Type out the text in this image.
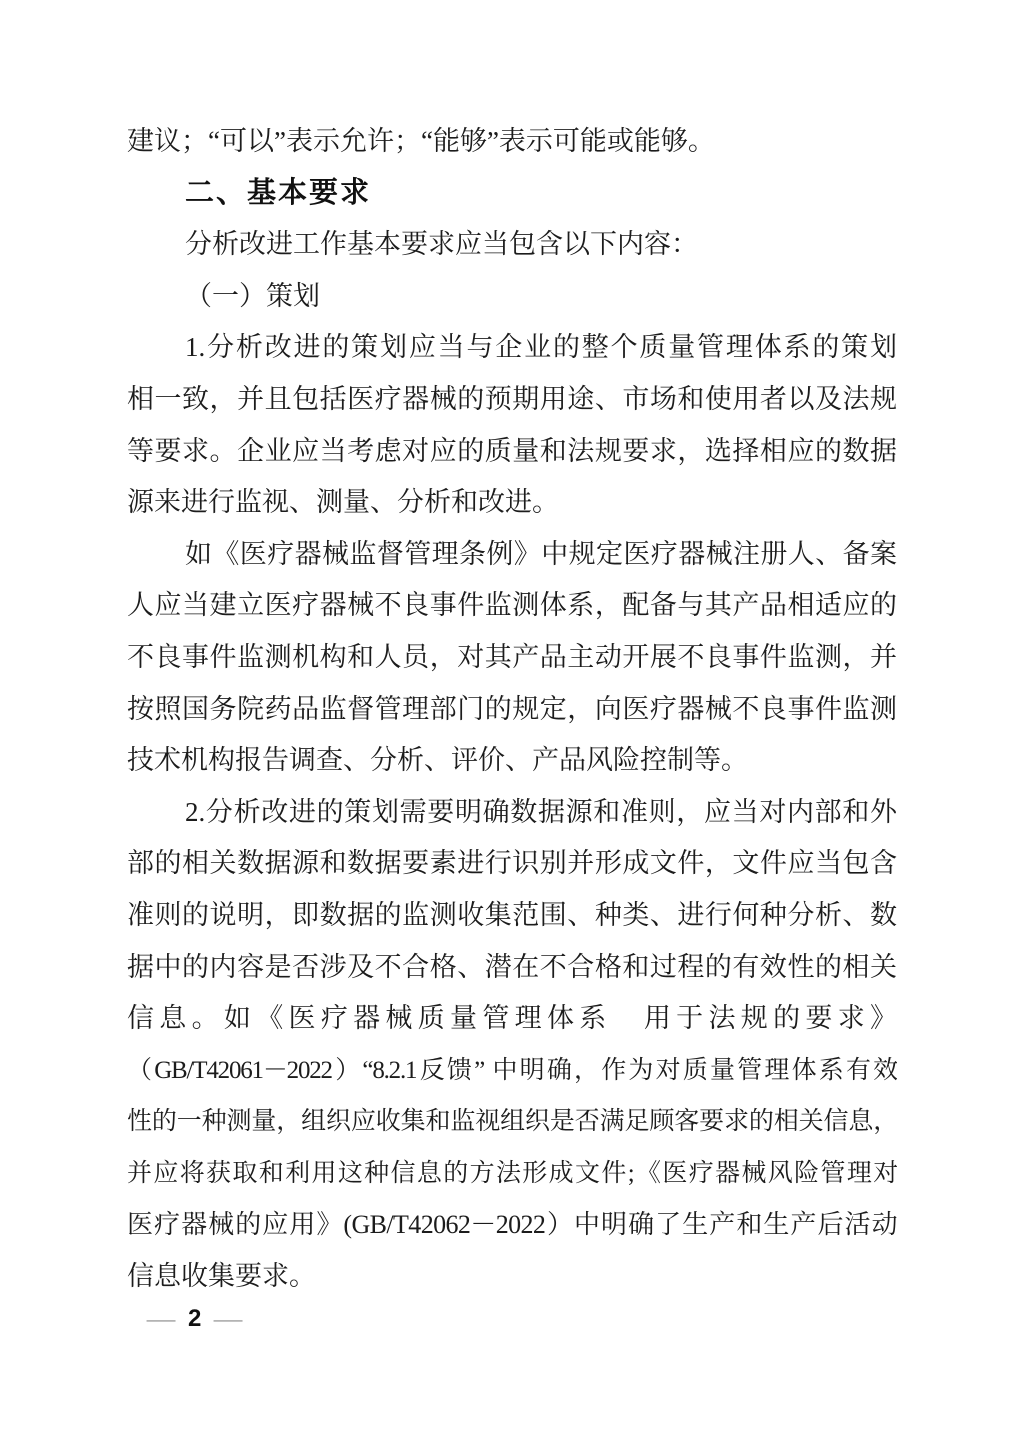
建议；“可以”表示允许；“能够”表示可能或能够。
二、基本要求
分析改进工作基本要求应当包含以下内容：
（一）策划
1.分析改进的策划应当与企业的整个质量管理体系的策划
相一致，并且包括医疗器械的预期用途、市场和使用者以及法规
等要求。企业应当考虑对应的质量和法规要求，选择相应的数据
源来进行监视、测量、分析和改进。
如《医疗器械监督管理条例》中规定医疗器械注册人、备案
人应当建立医疗器械不良事件监测体系，配备与其产品相适应的
不良事件监测机构和人员，对其产品主动开展不良事件监测，并
按照国务院药品监督管理部门的规定，向医疗器械不良事件监测
技术机构报告调查、分析、评价、产品风险控制等。
2.分析改进的策划需要明确数据源和准则，应当对内部和外
部的相关数据源和数据要素进行识别并形成文件，文件应当包含
准则的说明，即数据的监测收集范围、种类、进行何种分析、数
据中的内容是否涉及不合格、潜在不合格和过程的有效性的相关
信息。如《医疗器械质量管理体系　用于法规的要求》
（GB/T42061－2022）“8.2.1反馈” 中明确，作为对质量管理体系有效
性的一种测量，组织应收集和监视组织是否满足顾客要求的相关信息，
并应将获取和利用这种信息的方法形成文件;《医疗器械风险管理对
医疗器械的应用》(GB/T42062－2022）中明确了生产和生产后活动
信息收集要求。
— 2 —
